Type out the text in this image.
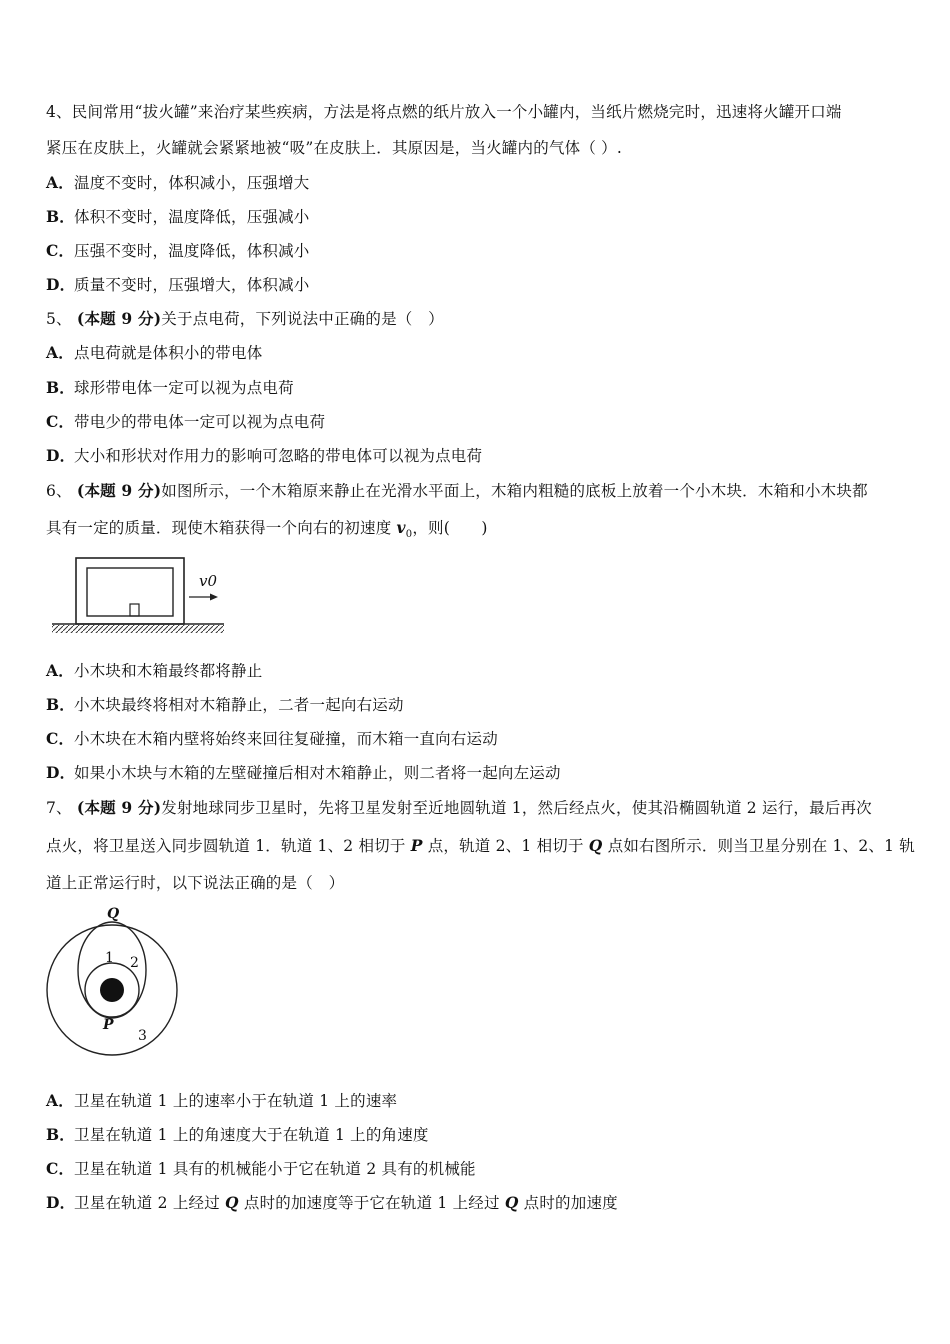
4、民间常用“拔火罐”来治疗某些疾病，方法是将点燃的纸片放入一个小罐内，当纸片燃烧完时，迅速将火罐开口端
紧压在皮肤上，火罐就会紧紧地被“吸”在皮肤上．其原因是，当火罐内的气体（ ）.
A．温度不变时，体积减小，压强增大
B．体积不变时，温度降低，压强减小
C．压强不变时，温度降低，体积减小
D．质量不变时，压强增大，体积减小
5、 (本题 9 分)关于点电荷，下列说法中正确的是（　）
A．点电荷就是体积小的带电体
B．球形带电体一定可以视为点电荷
C．带电少的带电体一定可以视为点电荷
D．大小和形状对作用力的影响可忽略的带电体可以视为点电荷
6、 (本题 9 分)如图所示，一个木箱原来静止在光滑水平面上，木箱内粗糙的底板上放着一个小木块．木箱和小木块都
具有一定的质量．现使木箱获得一个向右的初速度 $v_0$，则(　　)
v0
A．小木块和木箱最终都将静止
B．小木块最终将相对木箱静止，二者一起向右运动
C．小木块在木箱内壁将始终来回往复碰撞，而木箱一直向右运动
D．如果小木块与木箱的左壁碰撞后相对木箱静止，则二者将一起向左运动
7、 (本题 9 分)发射地球同步卫星时，先将卫星发射至近地圆轨道 1，然后经点火，使其沿椭圆轨道 2 运行，最后再次
点火，将卫星送入同步圆轨道 1．轨道 1、2 相切于 P 点，轨道 2、1 相切于 Q 点如右图所示．则当卫星分别在 1、2、1 轨
道上正常运行时，以下说法正确的是（　）
Q
1 2
P
3
A．卫星在轨道 1 上的速率小于在轨道 1 上的速率
B．卫星在轨道 1 上的角速度大于在轨道 1 上的角速度
C．卫星在轨道 1 具有的机械能小于它在轨道 2 具有的机械能
D．卫星在轨道 2 上经过 Q 点时的加速度等于它在轨道 1 上经过 Q 点时的加速度
